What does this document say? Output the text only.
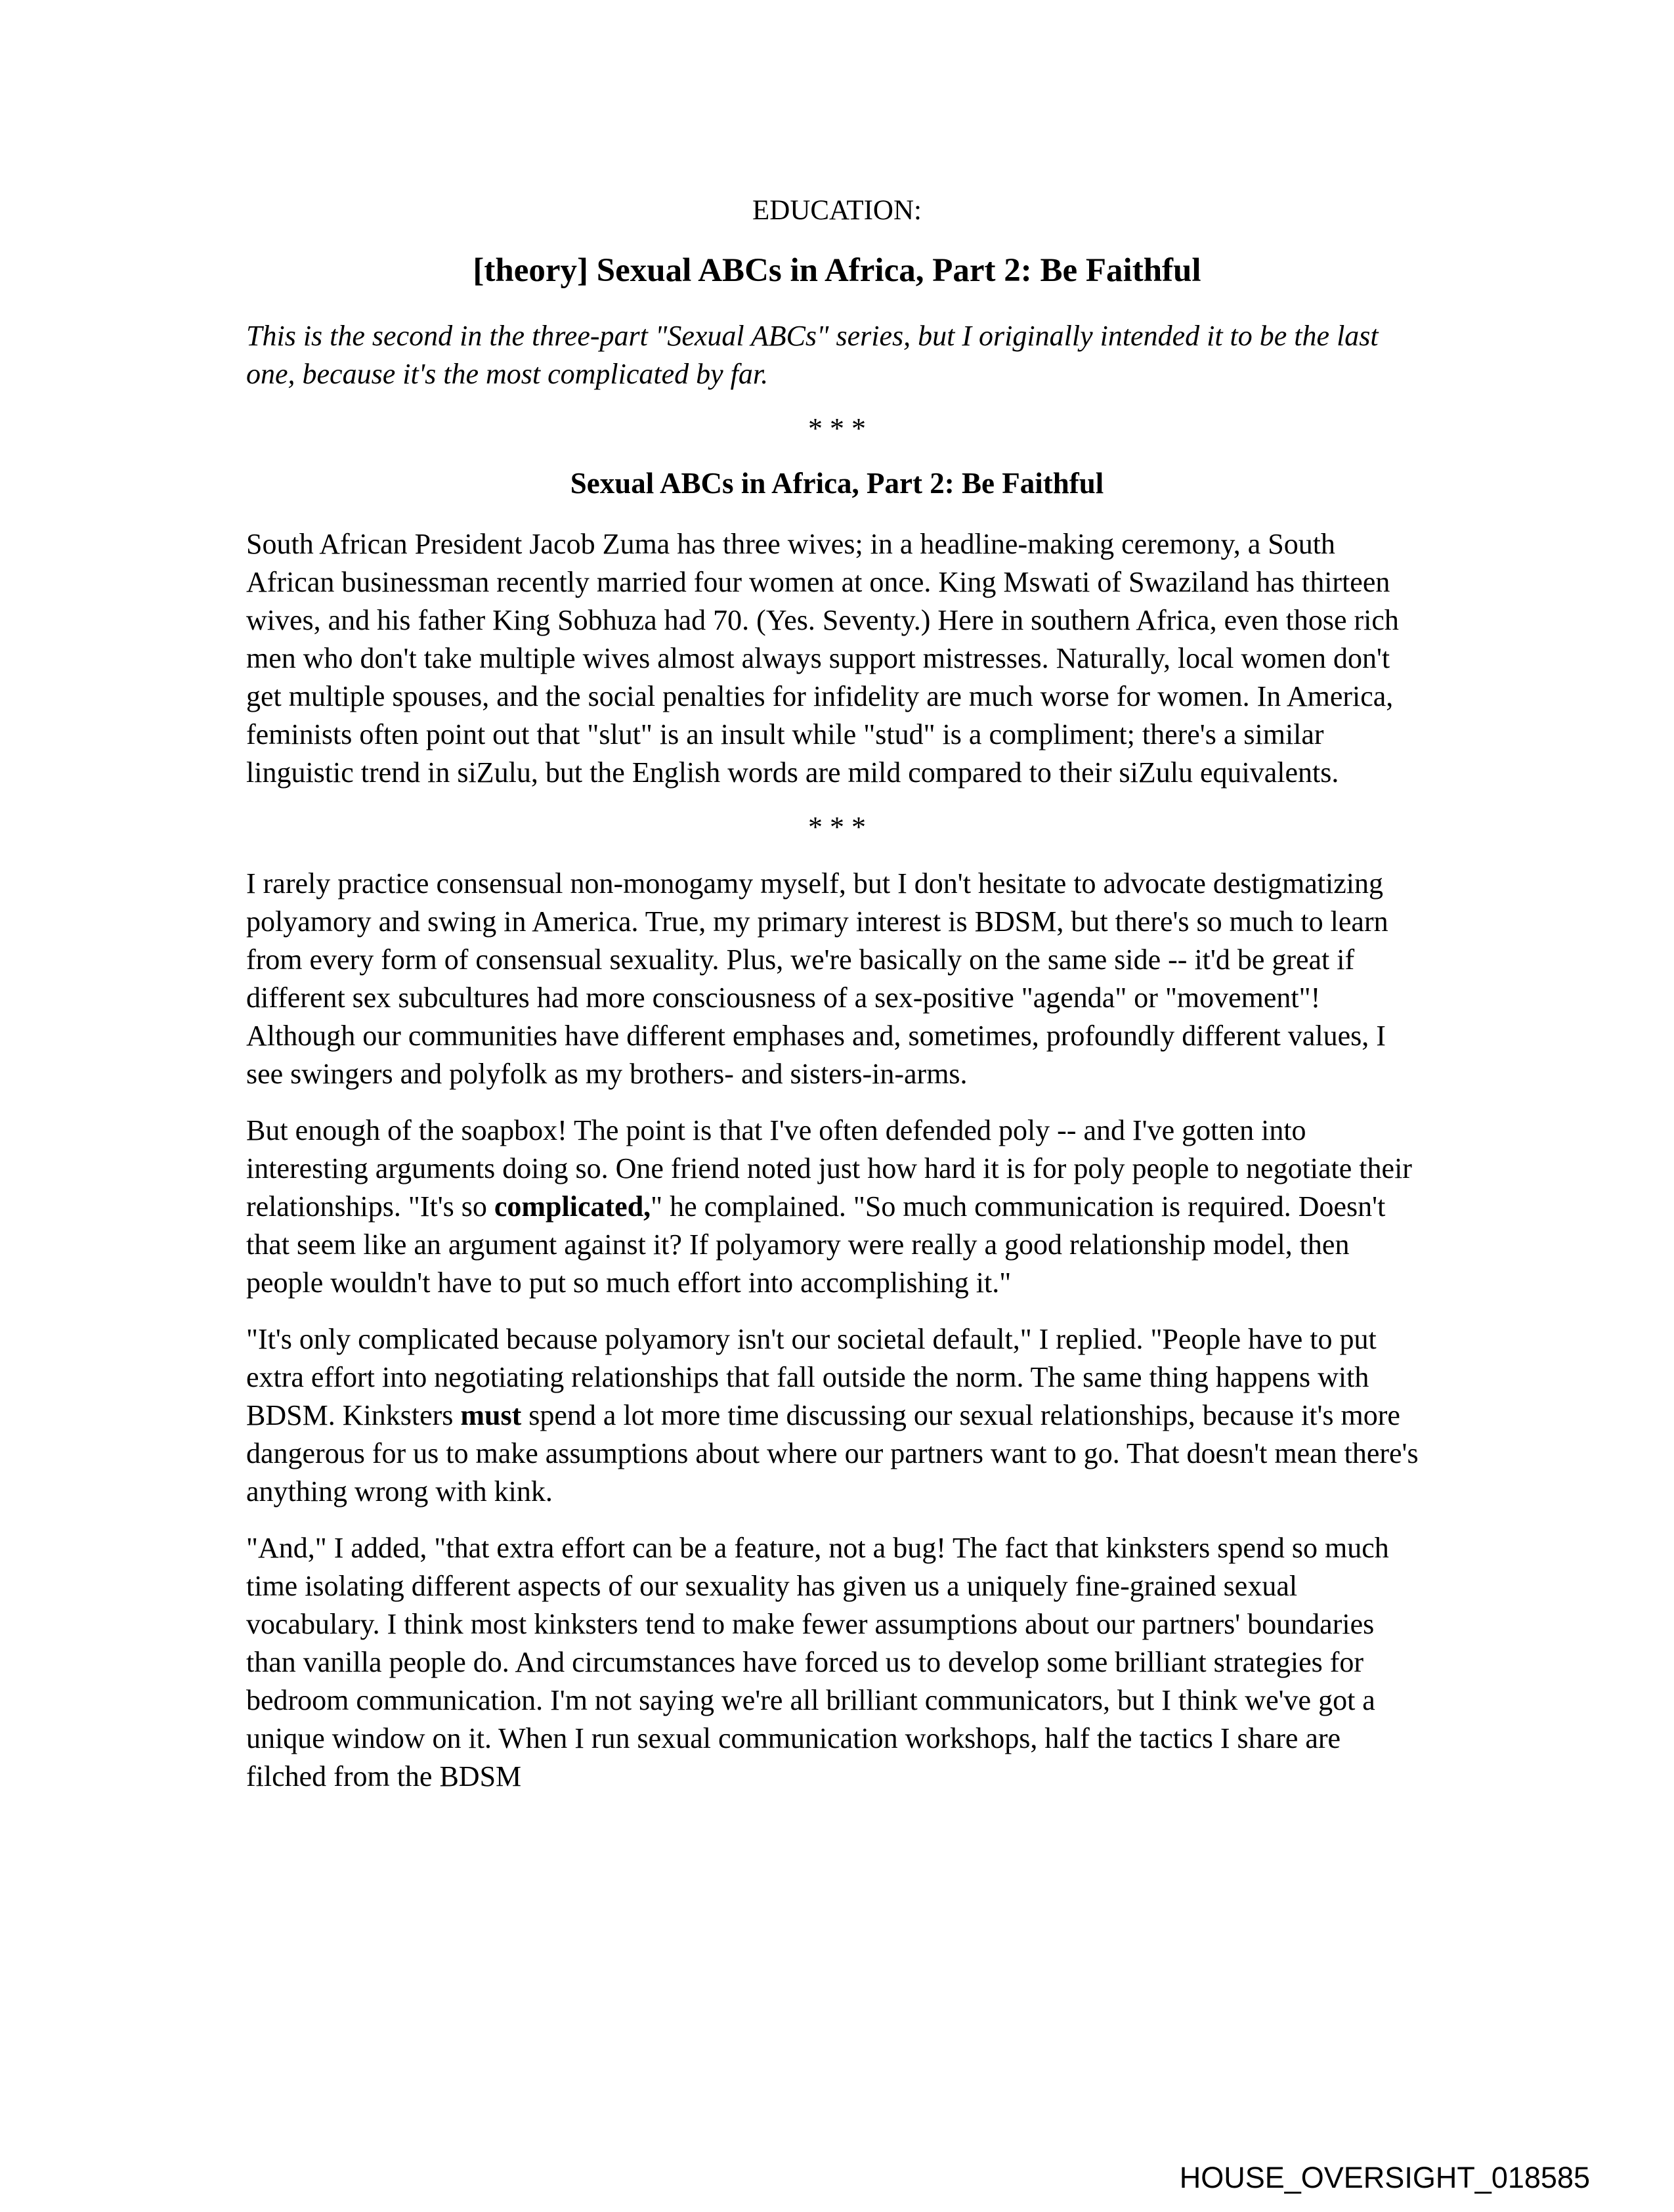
EDUCATION:
[theory] Sexual ABCs in Africa, Part 2: Be Faithful

This is the second in the three-part "Sexual ABCs" series, but I originally intended it to be the last one, because it's the most complicated by far.

* * *
Sexual ABCs in Africa, Part 2: Be Faithful

South African President Jacob Zuma has three wives; in a headline-making ceremony, a South African businessman recently married four women at once. King Mswati of Swaziland has thirteen wives, and his father King Sobhuza had 70. (Yes. Seventy.) Here in southern Africa, even those rich men who don't take multiple wives almost always support mistresses. Naturally, local women don't get multiple spouses, and the social penalties for infidelity are much worse for women. In America, feminists often point out that "slut" is an insult while "stud" is a compliment; there's a similar linguistic trend in siZulu, but the English words are mild compared to their siZulu equivalents.

* * *

I rarely practice consensual non-monogamy myself, but I don't hesitate to advocate destigmatizing polyamory and swing in America. True, my primary interest is BDSM, but there's so much to learn from every form of consensual sexuality. Plus, we're basically on the same side -- it'd be great if different sex subcultures had more consciousness of a sex-positive "agenda" or "movement"! Although our communities have different emphases and, sometimes, profoundly different values, I see swingers and polyfolk as my brothers- and sisters-in-arms.

But enough of the soapbox! The point is that I've often defended poly -- and I've gotten into interesting arguments doing so. One friend noted just how hard it is for poly people to negotiate their relationships. "It's so complicated," he complained. "So much communication is required. Doesn't that seem like an argument against it? If polyamory were really a good relationship model, then people wouldn't have to put so much effort into accomplishing it."

"It's only complicated because polyamory isn't our societal default," I replied. "People have to put extra effort into negotiating relationships that fall outside the norm. The same thing happens with BDSM. Kinksters must spend a lot more time discussing our sexual relationships, because it's more dangerous for us to make assumptions about where our partners want to go. That doesn't mean there's anything wrong with kink.

"And," I added, "that extra effort can be a feature, not a bug! The fact that kinksters spend so much time isolating different aspects of our sexuality has given us a uniquely fine-grained sexual vocabulary. I think most kinksters tend to make fewer assumptions about our partners' boundaries than vanilla people do. And circumstances have forced us to develop some brilliant strategies for bedroom communication. I'm not saying we're all brilliant communicators, but I think we've got a unique window on it. When I run sexual communication workshops, half the tactics I share are filched from the BDSM

HOUSE_OVERSIGHT_018585
